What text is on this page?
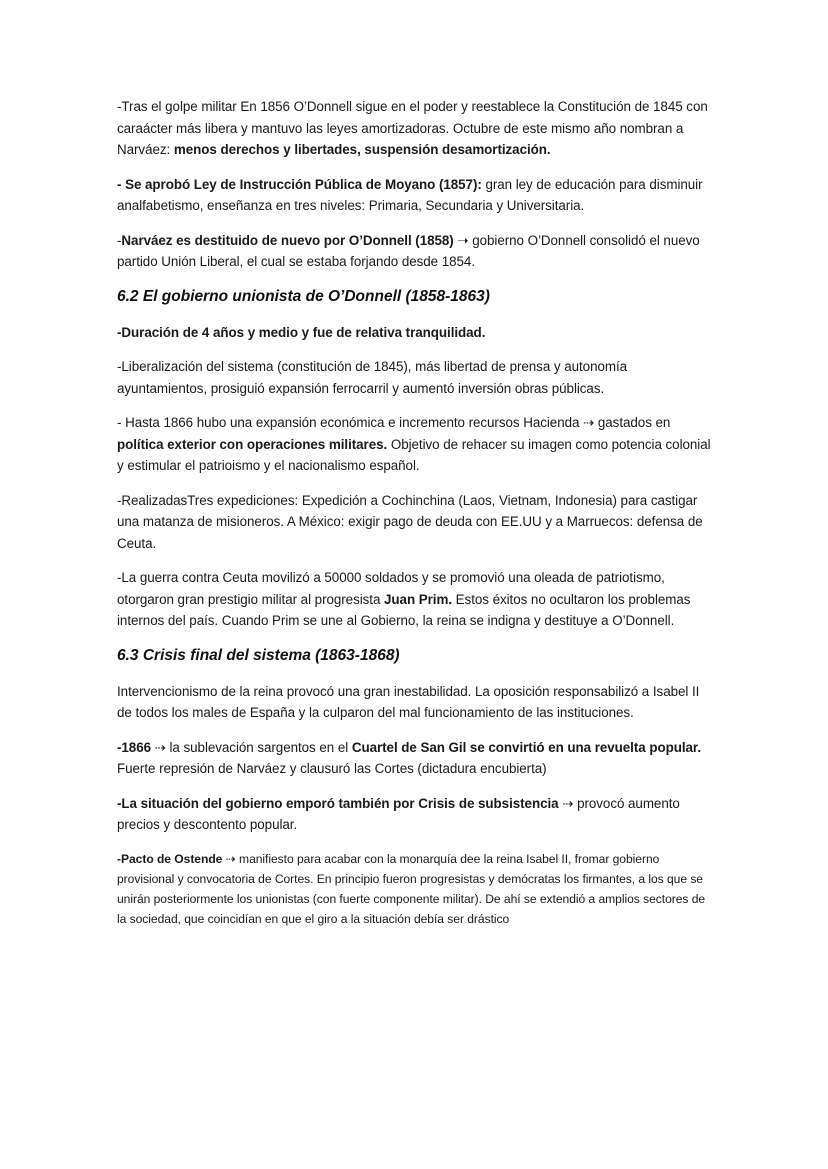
-Tras el golpe militar En 1856 O’Donnell sigue en el poder y reestablece la Constitución de 1845 con caraácter más libera y mantuvo las leyes amortizadoras. Octubre de este mismo año nombran a Narváez: menos derechos y libertades, suspensión desamortización.

- Se aprobó Ley de Instrucción Pública de Moyano (1857): gran ley de educación para disminuir analfabetismo, enseñanza en tres niveles: Primaria, Secundaria y Universitaria.

-Narváez es destituido de nuevo por O’Donnell (1858) ➝ gobierno O’Donnell consolidó el nuevo partido Unión Liberal, el cual se estaba forjando desde 1854.

6.2 El gobierno unionista de O’Donnell (1858-1863)

-Duración de 4 años y medio y fue de relativa tranquilidad.

-Liberalización del sistema (constitución de 1845), más libertad de prensa y autonomía ayuntamientos, prosiguió expansión ferrocarril y aumentó inversión obras públicas.

- Hasta 1866 hubo una expansión económica e incremento recursos Hacienda ⇢ gastados en política exterior con operaciones militares. Objetivo de rehacer su imagen como potencia colonial y estimular el patrioismo y el nacionalismo español.

-RealizadasTres expediciones: Expedición a Cochinchina (Laos, Vietnam, Indonesia) para castigar una matanza de misioneros. A México: exigir pago de deuda con EE.UU y a Marruecos: defensa de Ceuta.

-La guerra contra Ceuta movilizó a 50000 soldados y se promovió una oleada de patriotismo, otorgaron gran prestigio militar al progresista Juan Prim. Estos éxitos no ocultaron los problemas internos del país. Cuando Prim se une al Gobierno, la reina se indigna y destituye a O’Donnell.

6.3 Crisis final del sistema (1863-1868)

Intervencionismo de la reina provocó una gran inestabilidad. La oposición responsabilizó a Isabel II de todos los males de España y la culparon del mal funcionamiento de las instituciones.

-1866 ⇢ la sublevación sargentos en el Cuartel de San Gil se convirtió en una revuelta popular. Fuerte represión de Narváez y clausuró las Cortes (dictadura encubierta)

-La situación del gobierno emporó también por Crisis de subsistencia ⇢ provocó aumento precios y descontento popular.

-Pacto de Ostende ⇢ manifiesto para acabar con la monarquía dee la reina Isabel II, fromar gobierno provisional y convocatoria de Cortes. En principio fueron progresistas y demócratas los firmantes, a los que se unirán posteriormente los unionistas (con fuerte componente militar). De ahí se extendió a amplios sectores de la sociedad, que coincidían en que el giro a la situación debía ser drástico
